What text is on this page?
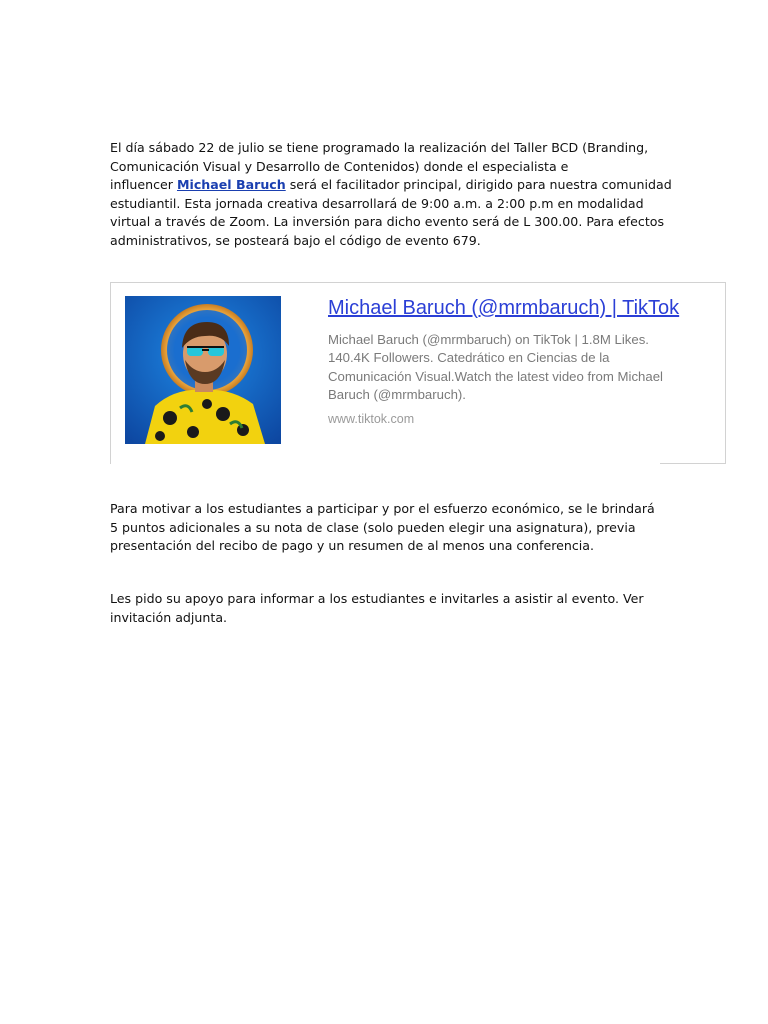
El día sábado 22 de julio se tiene programado la realización del Taller BCD (Branding,
Comunicación Visual y Desarrollo de Contenidos) donde el especialista e
influencer Michael Baruch será el facilitador principal, dirigido para nuestra comunidad
estudiantil. Esta jornada creativa desarrollará de 9:00 a.m. a 2:00 p.m en modalidad
virtual a través de Zoom. La inversión para dicho evento será de L 300.00. Para efectos
administrativos, se posteará bajo el código de evento 679.

Michael Baruch (@mrmbaruch) | TikTok
Michael Baruch (@mrmbaruch) on TikTok | 1.8M Likes.
140.4K Followers. Catedrático en Ciencias de la
Comunicación Visual.Watch the latest video from Michael
Baruch (@mrmbaruch).
www.tiktok.com

Para motivar a los estudiantes a participar y por el esfuerzo económico, se le brindará
5 puntos adicionales a su nota de clase (solo pueden elegir una asignatura), previa
presentación del recibo de pago y un resumen de al menos una conferencia.

Les pido su apoyo para informar a los estudiantes e invitarles a asistir al evento. Ver
invitación adjunta.
